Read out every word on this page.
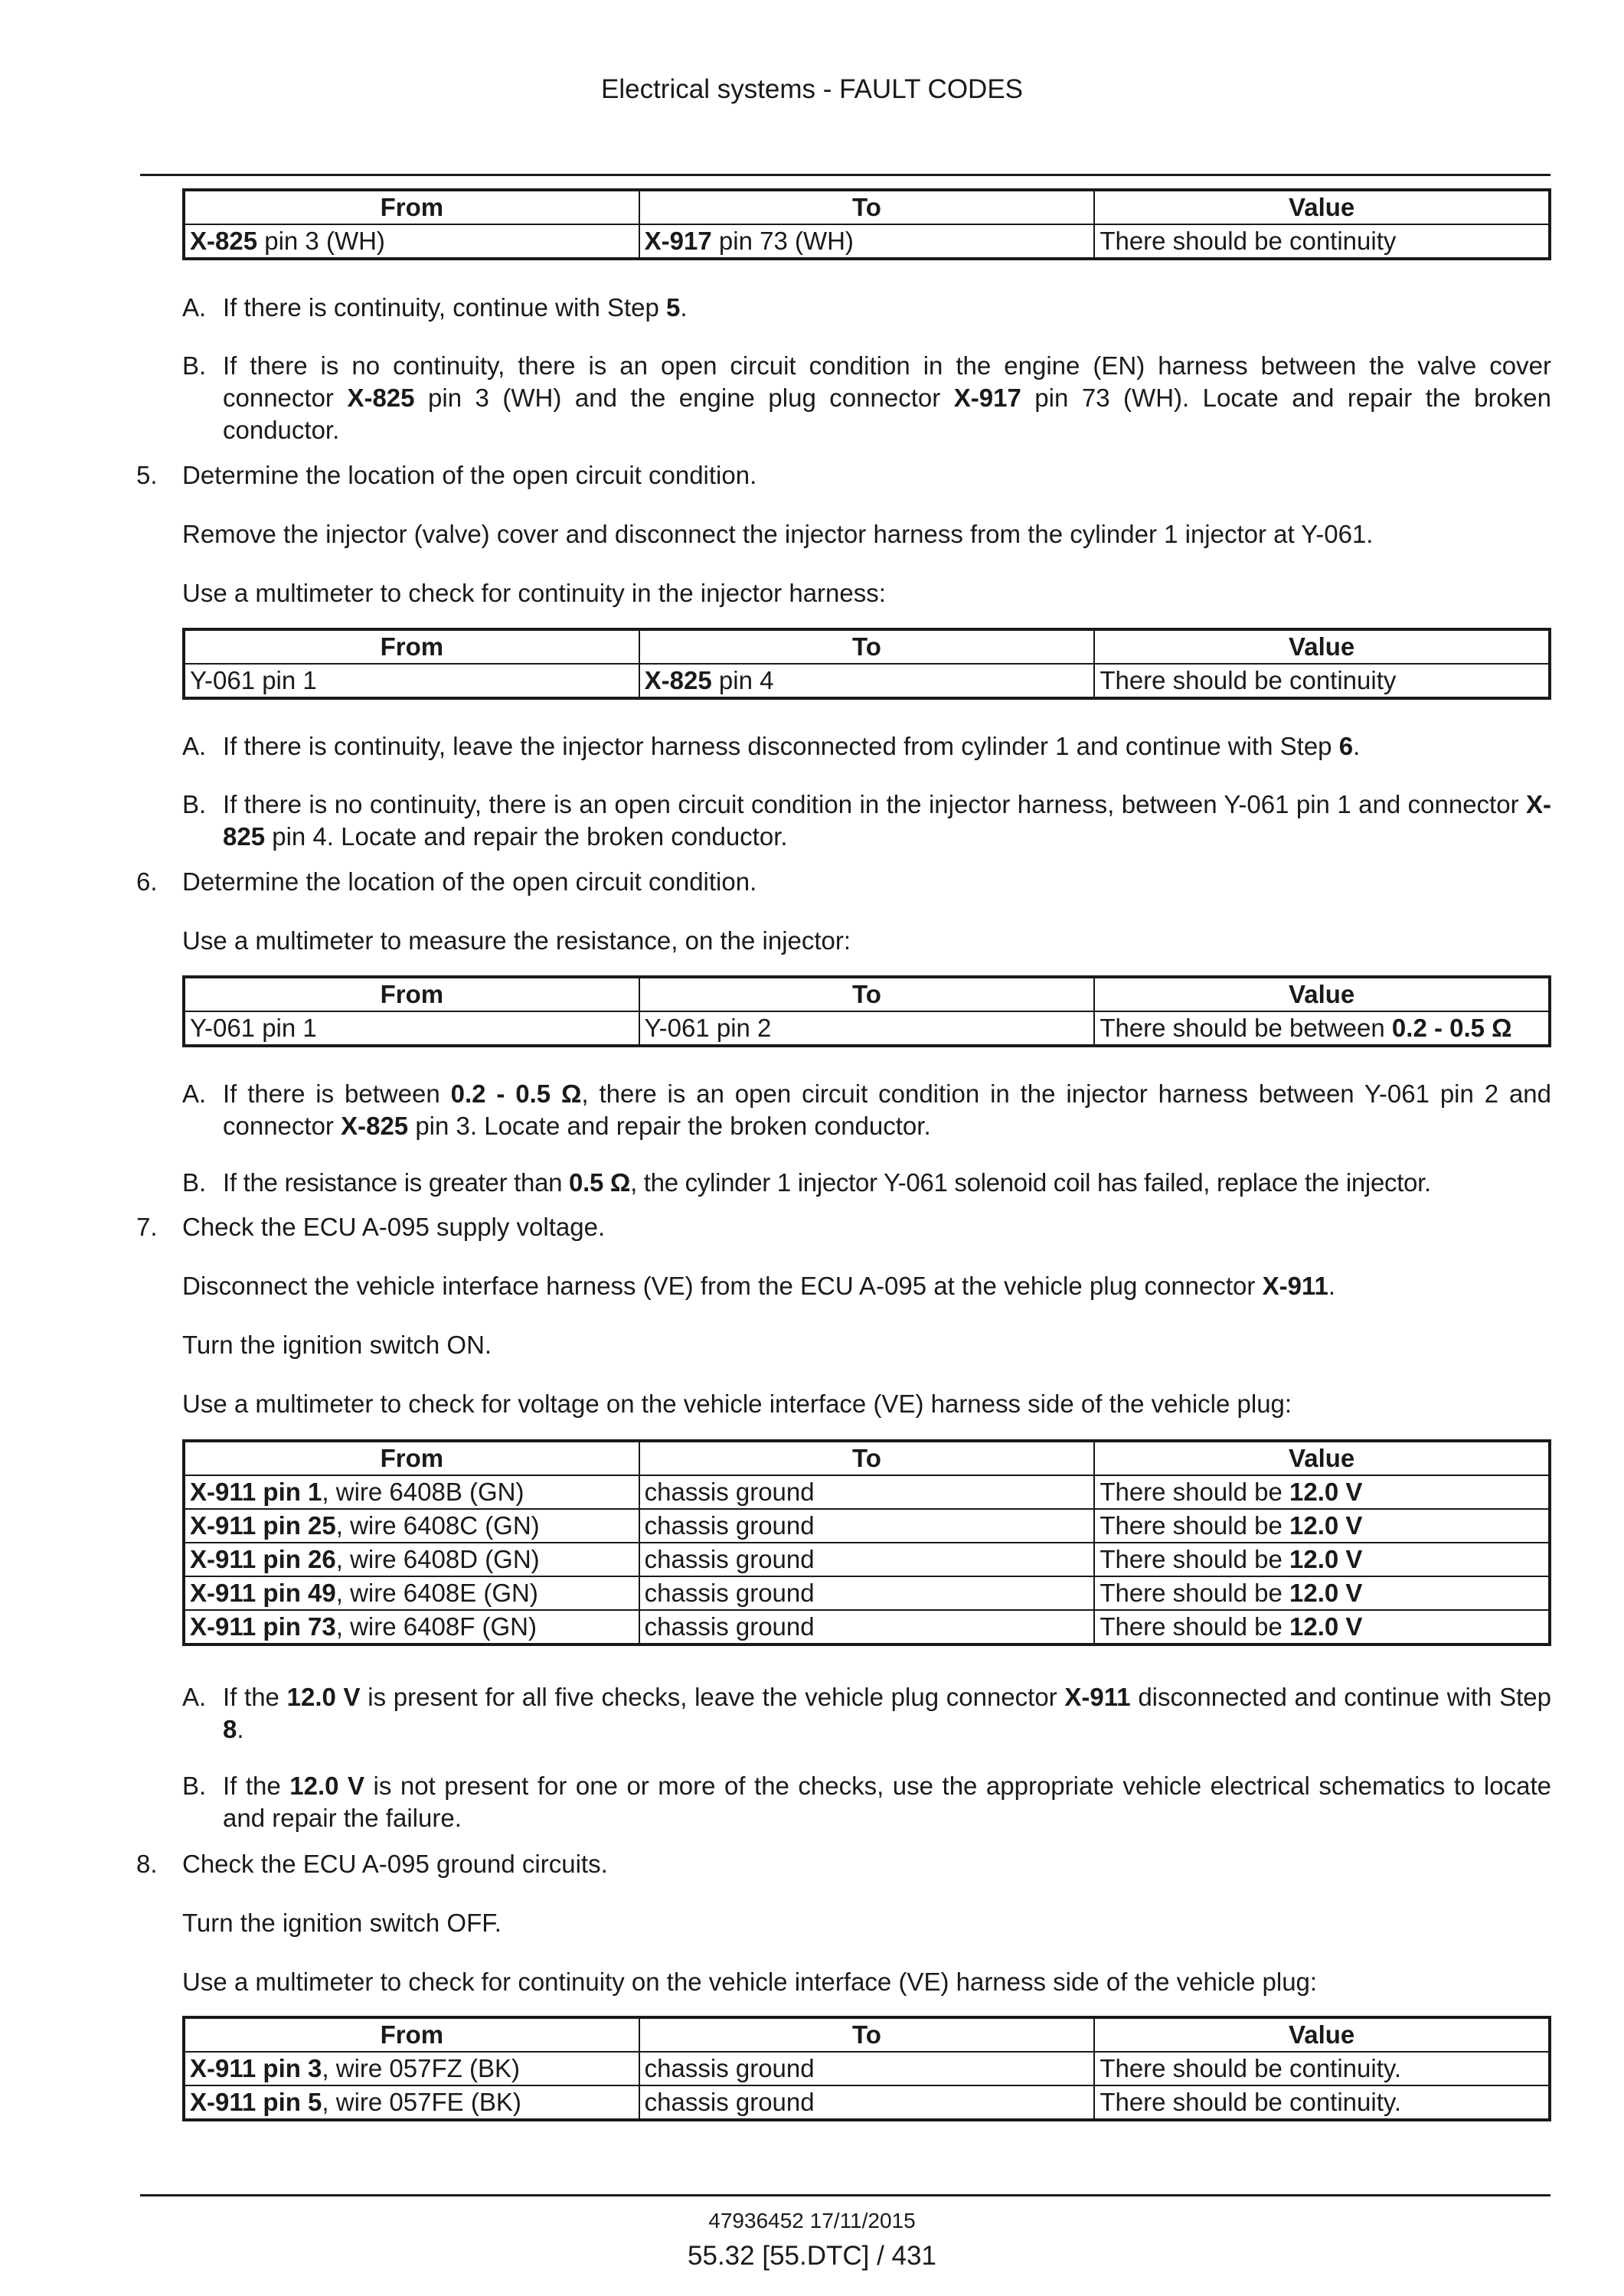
Electrical systems - FAULT CODES
From	To	Value
X-825 pin 3 (WH)	X-917 pin 73 (WH)	There should be continuity
A. If there is continuity, continue with Step 5.

B. If there is no continuity, there is an open circuit condition in the engine (EN) harness between the valve cover connector X-825 pin 3 (WH) and the engine plug connector X-917 pin 73 (WH). Locate and repair the broken conductor.

5. Determine the location of the open circuit condition.

Remove the injector (valve) cover and disconnect the injector harness from the cylinder 1 injector at Y-061.

Use a multimeter to check for continuity in the injector harness:

From	To	Value
Y-061 pin 1	X-825 pin 4	There should be continuity
A. If there is continuity, leave the injector harness disconnected from cylinder 1 and continue with Step 6.

B. If there is no continuity, there is an open circuit condition in the injector harness, between Y-061 pin 1 and connector X-825 pin 4. Locate and repair the broken conductor.

6. Determine the location of the open circuit condition.

Use a multimeter to measure the resistance, on the injector:

From	To	Value
Y-061 pin 1	Y-061 pin 2	There should be between 0.2 - 0.5 Ω
A. If there is between 0.2 - 0.5 Ω, there is an open circuit condition in the injector harness between Y-061 pin 2 and connector X-825 pin 3. Locate and repair the broken conductor.

B. If the resistance is greater than 0.5 Ω, the cylinder 1 injector Y-061 solenoid coil has failed, replace the injector.

7. Check the ECU A-095 supply voltage.

Disconnect the vehicle interface harness (VE) from the ECU A-095 at the vehicle plug connector X-911.

Turn the ignition switch ON.

Use a multimeter to check for voltage on the vehicle interface (VE) harness side of the vehicle plug:

From	To	Value
X-911 pin 1, wire 6408B (GN)	chassis ground	There should be 12.0 V
X-911 pin 25, wire 6408C (GN)	chassis ground	There should be 12.0 V
X-911 pin 26, wire 6408D (GN)	chassis ground	There should be 12.0 V
X-911 pin 49, wire 6408E (GN)	chassis ground	There should be 12.0 V
X-911 pin 73, wire 6408F (GN)	chassis ground	There should be 12.0 V
A. If the 12.0 V is present for all five checks, leave the vehicle plug connector X-911 disconnected and continue with Step 8.

B. If the 12.0 V is not present for one or more of the checks, use the appropriate vehicle electrical schematics to locate and repair the failure.

8. Check the ECU A-095 ground circuits.

Turn the ignition switch OFF.

Use a multimeter to check for continuity on the vehicle interface (VE) harness side of the vehicle plug:

From	To	Value
X-911 pin 3, wire 057FZ (BK)	chassis ground	There should be continuity.
X-911 pin 5, wire 057FE (BK)	chassis ground	There should be continuity.
47936452 17/11/2015
55.32 [55.DTC] / 431
